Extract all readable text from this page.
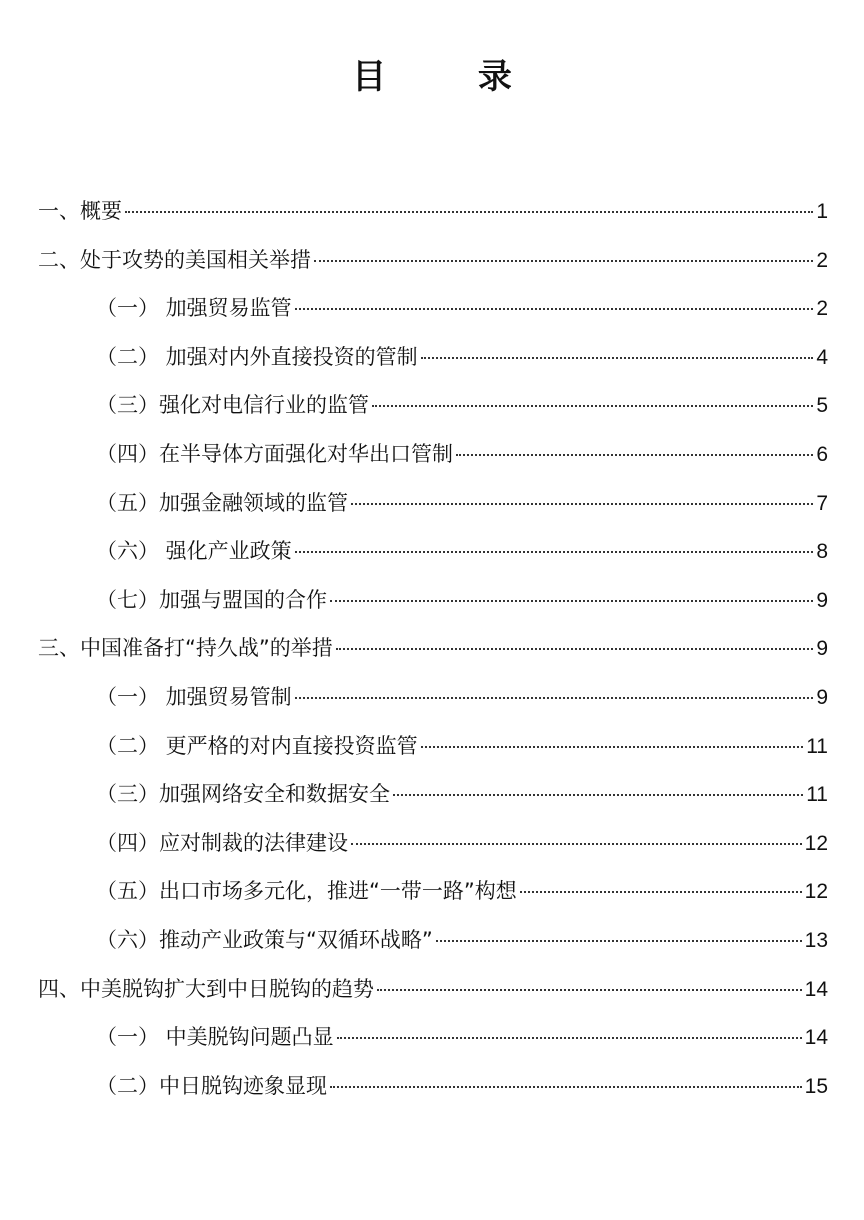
目 录
一、概要	1
二、处于攻势的美国相关举措	2
（一） 加强贸易监管	2
（二） 加强对内外直接投资的管制	4
（三）强化对电信行业的监管	5
（四）在半导体方面强化对华出口管制	6
（五）加强金融领域的监管	7
（六） 强化产业政策	8
（七）加强与盟国的合作	9
三、中国准备打“持久战”的举措	9
（一） 加强贸易管制	9
（二） 更严格的对内直接投资监管	11
（三）加强网络安全和数据安全	11
（四）应对制裁的法律建设	12
（五）出口市场多元化，推进“一带一路”构想	12
（六）推动产业政策与“双循环战略”	13
四、中美脱钩扩大到中日脱钩的趋势	14
（一） 中美脱钩问题凸显	14
（二）中日脱钩迹象显现	15
